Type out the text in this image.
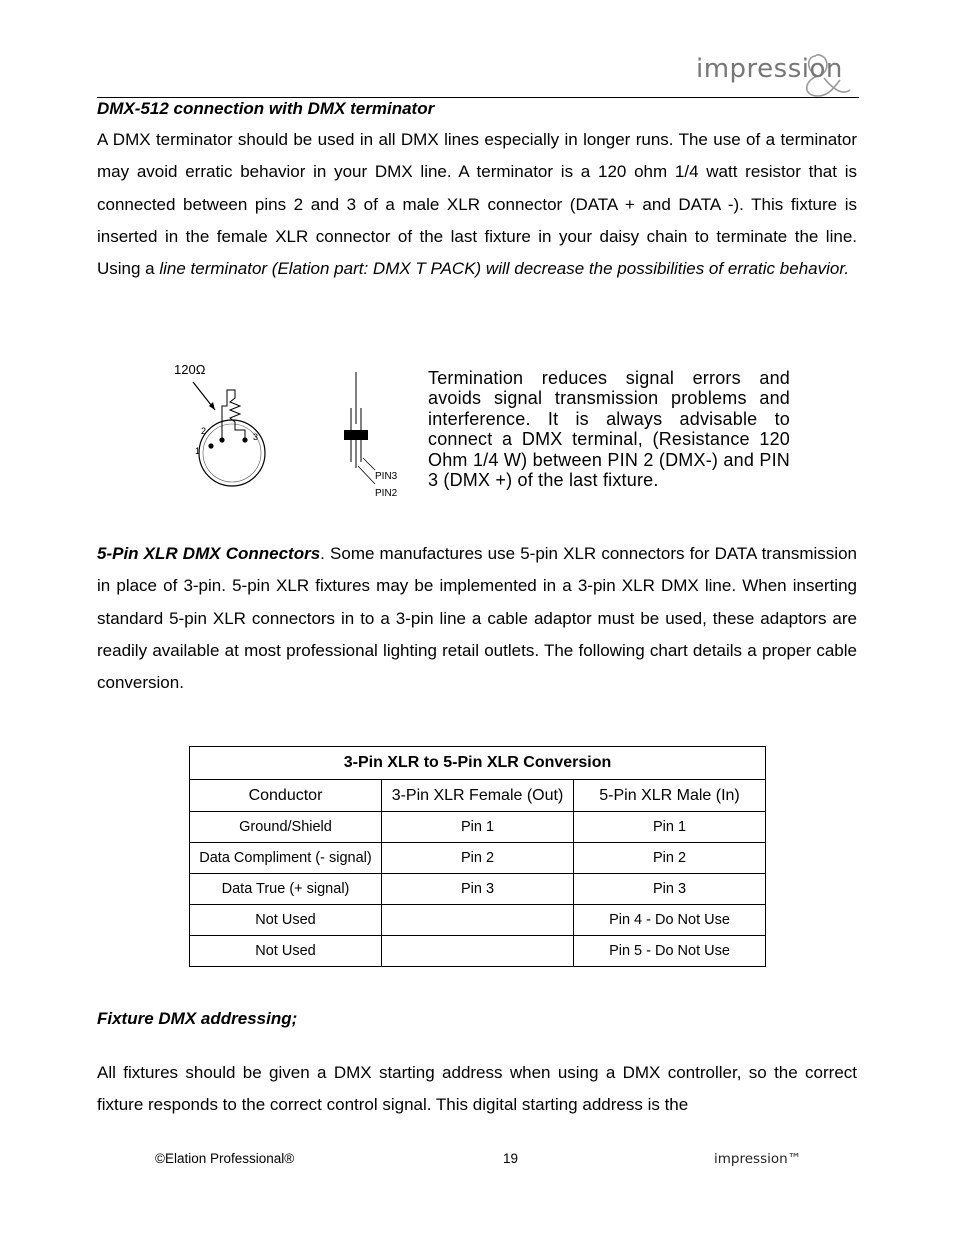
impression
DMX-512 connection with DMX terminator

A DMX terminator should be used in all DMX lines especially in longer runs. The use of a terminator may avoid erratic behavior in your DMX line. A terminator is a 120 ohm 1/4 watt resistor that is connected between pins 2 and 3 of a male XLR connector (DATA + and DATA -). This fixture is inserted in the female XLR connector of the last fixture in your daisy chain to terminate the line. Using a line terminator (Elation part: DMX T PACK) will decrease the possibilities of erratic behavior.

120Ω
1
2
3
PIN3
PIN2
Termination reduces signal errors and avoids signal transmission problems and interference. It is always advisable to connect a DMX terminal, (Resistance 120 Ohm 1/4 W) between PIN 2 (DMX-) and PIN 3 (DMX +) of the last fixture.

5-Pin XLR DMX Connectors. Some manufactures use 5-pin XLR connectors for DATA transmission in place of 3-pin. 5-pin XLR fixtures may be implemented in a 3-pin XLR DMX line. When inserting standard 5-pin XLR connectors in to a 3-pin line a cable adaptor must be used, these adaptors are readily available at most professional lighting retail outlets. The following chart details a proper cable conversion.

3-Pin XLR to 5-Pin XLR Conversion		
Conductor	3-Pin XLR Female (Out)	5-Pin XLR Male (In)
Ground/Shield	Pin 1	Pin 1
Data Compliment (- signal)	Pin 2	Pin 2
Data True (+ signal)	Pin 3	Pin 3
Not Used		Pin 4 - Do Not Use
Not Used		Pin 5 - Do Not Use
Fixture DMX addressing;

All fixtures should be given a DMX starting address when using a DMX controller, so the correct fixture responds to the correct control signal. This digital starting address is the

©Elation Professional®	19	impression™
